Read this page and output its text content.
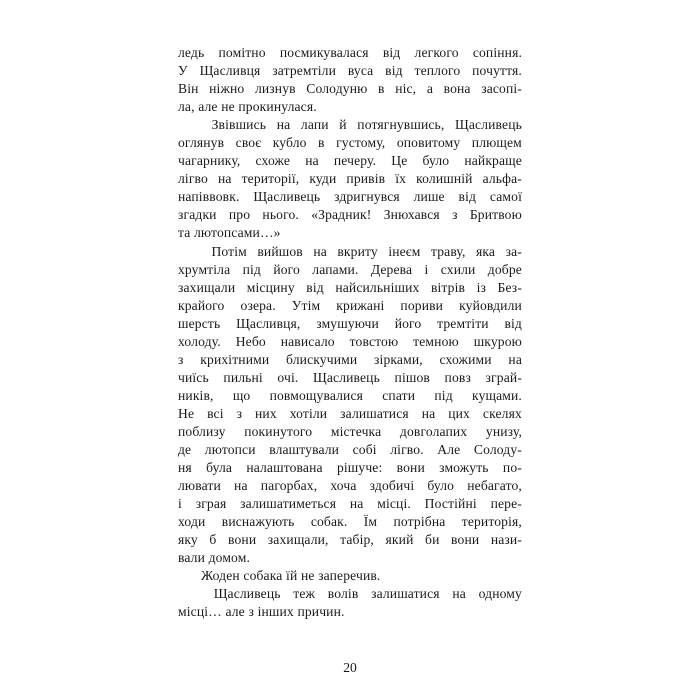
ледь помітно посмикувалася від легкого сопіння.
У Щасливця затремтіли вуса від теплого почуття.
Він ніжно лизнув Солодуню в ніс, а вона засопі-
ла, але не прокинулася.

Звівшись на лапи й потягнувшись, Щасливець
оглянув своє кубло в густому, оповитому плющем
чагарнику, схоже на печеру. Це було найкраще
лігво на території, куди привів їх колишній альфа-
напіввовк. Щасливець здригнувся лише від самої
згадки про нього. «Зрадник! Знюхався з Бритвою
та лютопсами…»

Потім вийшов на вкриту інеєм траву, яка за-
хрумтіла під його лапами. Дерева і схили добре
захищали місцину від найсильніших вітрів із Без-
крайого озера. Утім крижані пориви куйовдили
шерсть Щасливця, змушуючи його тремтіти від
холоду. Небо нависало товстою темною шкурою
з крихітними блискучими зірками, схожими на
чиїсь пильні очі. Щасливець пішов повз зграй-
ників, що повмощувалися спати під кущами.
Не всі з них хотіли залишатися на цих скелях
поблизу покинутого містечка довголапих унизу,
де лютопси влаштували собі лігво. Але Солоду-
ня була налаштована рішуче: вони зможуть по-
лювати на пагорбах, хоча здобичі було небагато,
і зграя залишатиметься на місці. Постійні пере-
ходи виснажують собак. Їм потрібна територія,
яку б вони захищали, табір, який би вони нази-
вали домом.

Жоден собака їй не заперечив.

Щасливець теж волів залишатися на одному
місці… але з інших причин.

20
